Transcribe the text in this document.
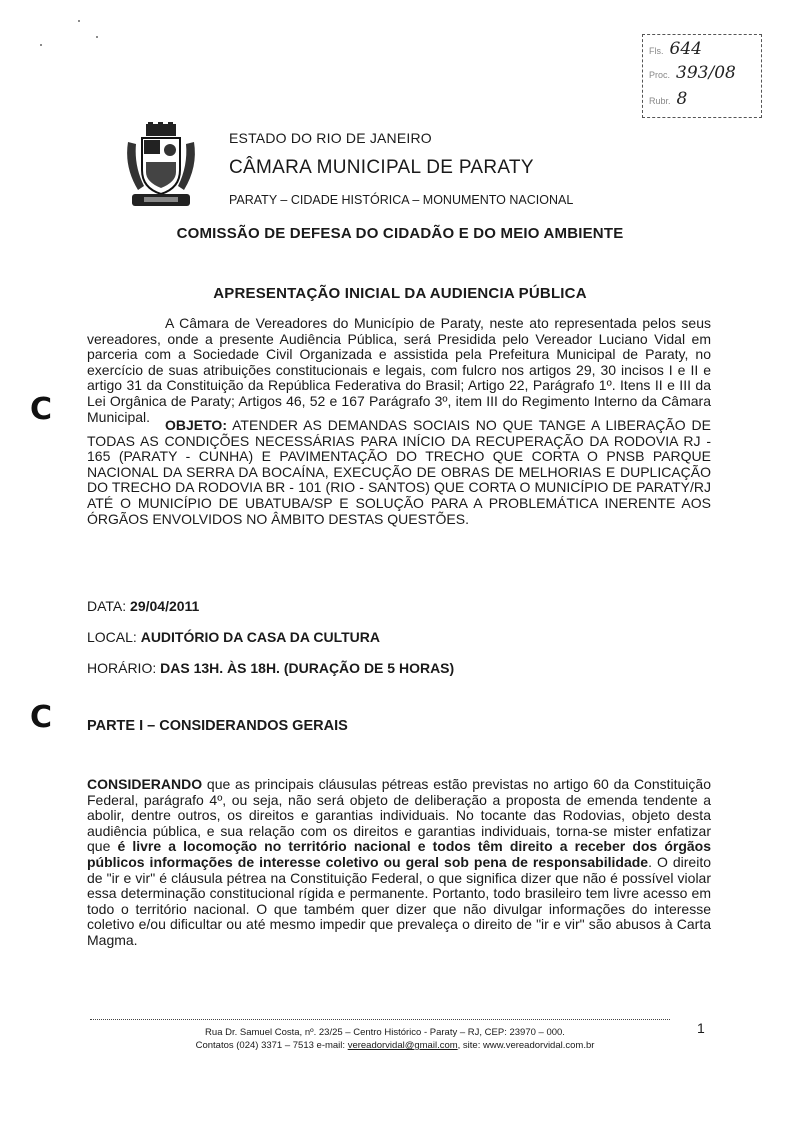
Fls. 644
Proc. 393/08
Rubr. 8
ESTADO DO RIO DE JANEIRO
CÂMARA MUNICIPAL DE PARATY
PARATY – CIDADE HISTÓRICA – MONUMENTO NACIONAL
COMISSÃO DE DEFESA DO CIDADÃO E DO MEIO AMBIENTE
APRESENTAÇÃO INICIAL DA AUDIENCIA PÚBLICA
A Câmara de Vereadores do Município de Paraty, neste ato representada pelos seus vereadores, onde a presente Audiência Pública, será Presidida pelo Vereador Luciano Vidal em parceria com a Sociedade Civil Organizada e assistida pela Prefeitura Municipal de Paraty, no exercício de suas atribuições constitucionais e legais, com fulcro nos artigos 29, 30 incisos I e II e artigo 31 da Constituição da República Federativa do Brasil; Artigo 22, Parágrafo 1º. Itens II e III da Lei Orgânica de Paraty; Artigos 46, 52 e 167 Parágrafo 3º, item III do Regimento Interno da Câmara Municipal.
OBJETO: ATENDER AS DEMANDAS SOCIAIS NO QUE TANGE A LIBERAÇÃO DE TODAS AS CONDIÇÕES NECESSÁRIAS PARA INÍCIO DA RECUPERAÇÃO DA RODOVIA RJ - 165 (PARATY - CUNHA) E PAVIMENTAÇÃO DO TRECHO QUE CORTA O PNSB PARQUE NACIONAL DA SERRA DA BOCAÍNA, EXECUÇÃO DE OBRAS DE MELHORIAS E DUPLICAÇÃO DO TRECHO DA RODOVIA BR - 101 (RIO - SANTOS) QUE CORTA O MUNICÍPIO DE PARATY/RJ ATÉ O MUNICÍPIO DE UBATUBA/SP E SOLUÇÃO PARA A PROBLEMÁTICA INERENTE AOS ÓRGÃOS ENVOLVIDOS NO ÂMBITO DESTAS QUESTÕES.
DATA: 29/04/2011
LOCAL: AUDITÓRIO DA CASA DA CULTURA
HORÁRIO: DAS 13H. ÀS 18H. (DURAÇÃO DE 5 HORAS)
PARTE I – CONSIDERANDOS GERAIS
CONSIDERANDO que as principais cláusulas pétreas estão previstas no artigo 60 da Constituição Federal, parágrafo 4º, ou seja, não será objeto de deliberação a proposta de emenda tendente a abolir, dentre outros, os direitos e garantias individuais. No tocante das Rodovias, objeto desta audiência pública, e sua relação com os direitos e garantias individuais, torna-se mister enfatizar que é livre a locomoção no território nacional e todos têm direito a receber dos órgãos públicos informações de interesse coletivo ou geral sob pena de responsabilidade. O direito de "ir e vir" é cláusula pétrea na Constituição Federal, o que significa dizer que não é possível violar essa determinação constitucional rígida e permanente. Portanto, todo brasileiro tem livre acesso em todo o território nacional. O que também quer dizer que não divulgar informações do interesse coletivo e/ou dificultar ou até mesmo impedir que prevaleça o direito de "ir e vir" são abusos à Carta Magma.
C
C
Rua Dr. Samuel Costa, nº. 23/25 – Centro Histórico - Paraty – RJ, CEP: 23970 – 000.
Contatos (024) 3371 – 7513 e-mail: vereadorvidal@gmail.com, site: www.vereadorvidal.com.br
1
